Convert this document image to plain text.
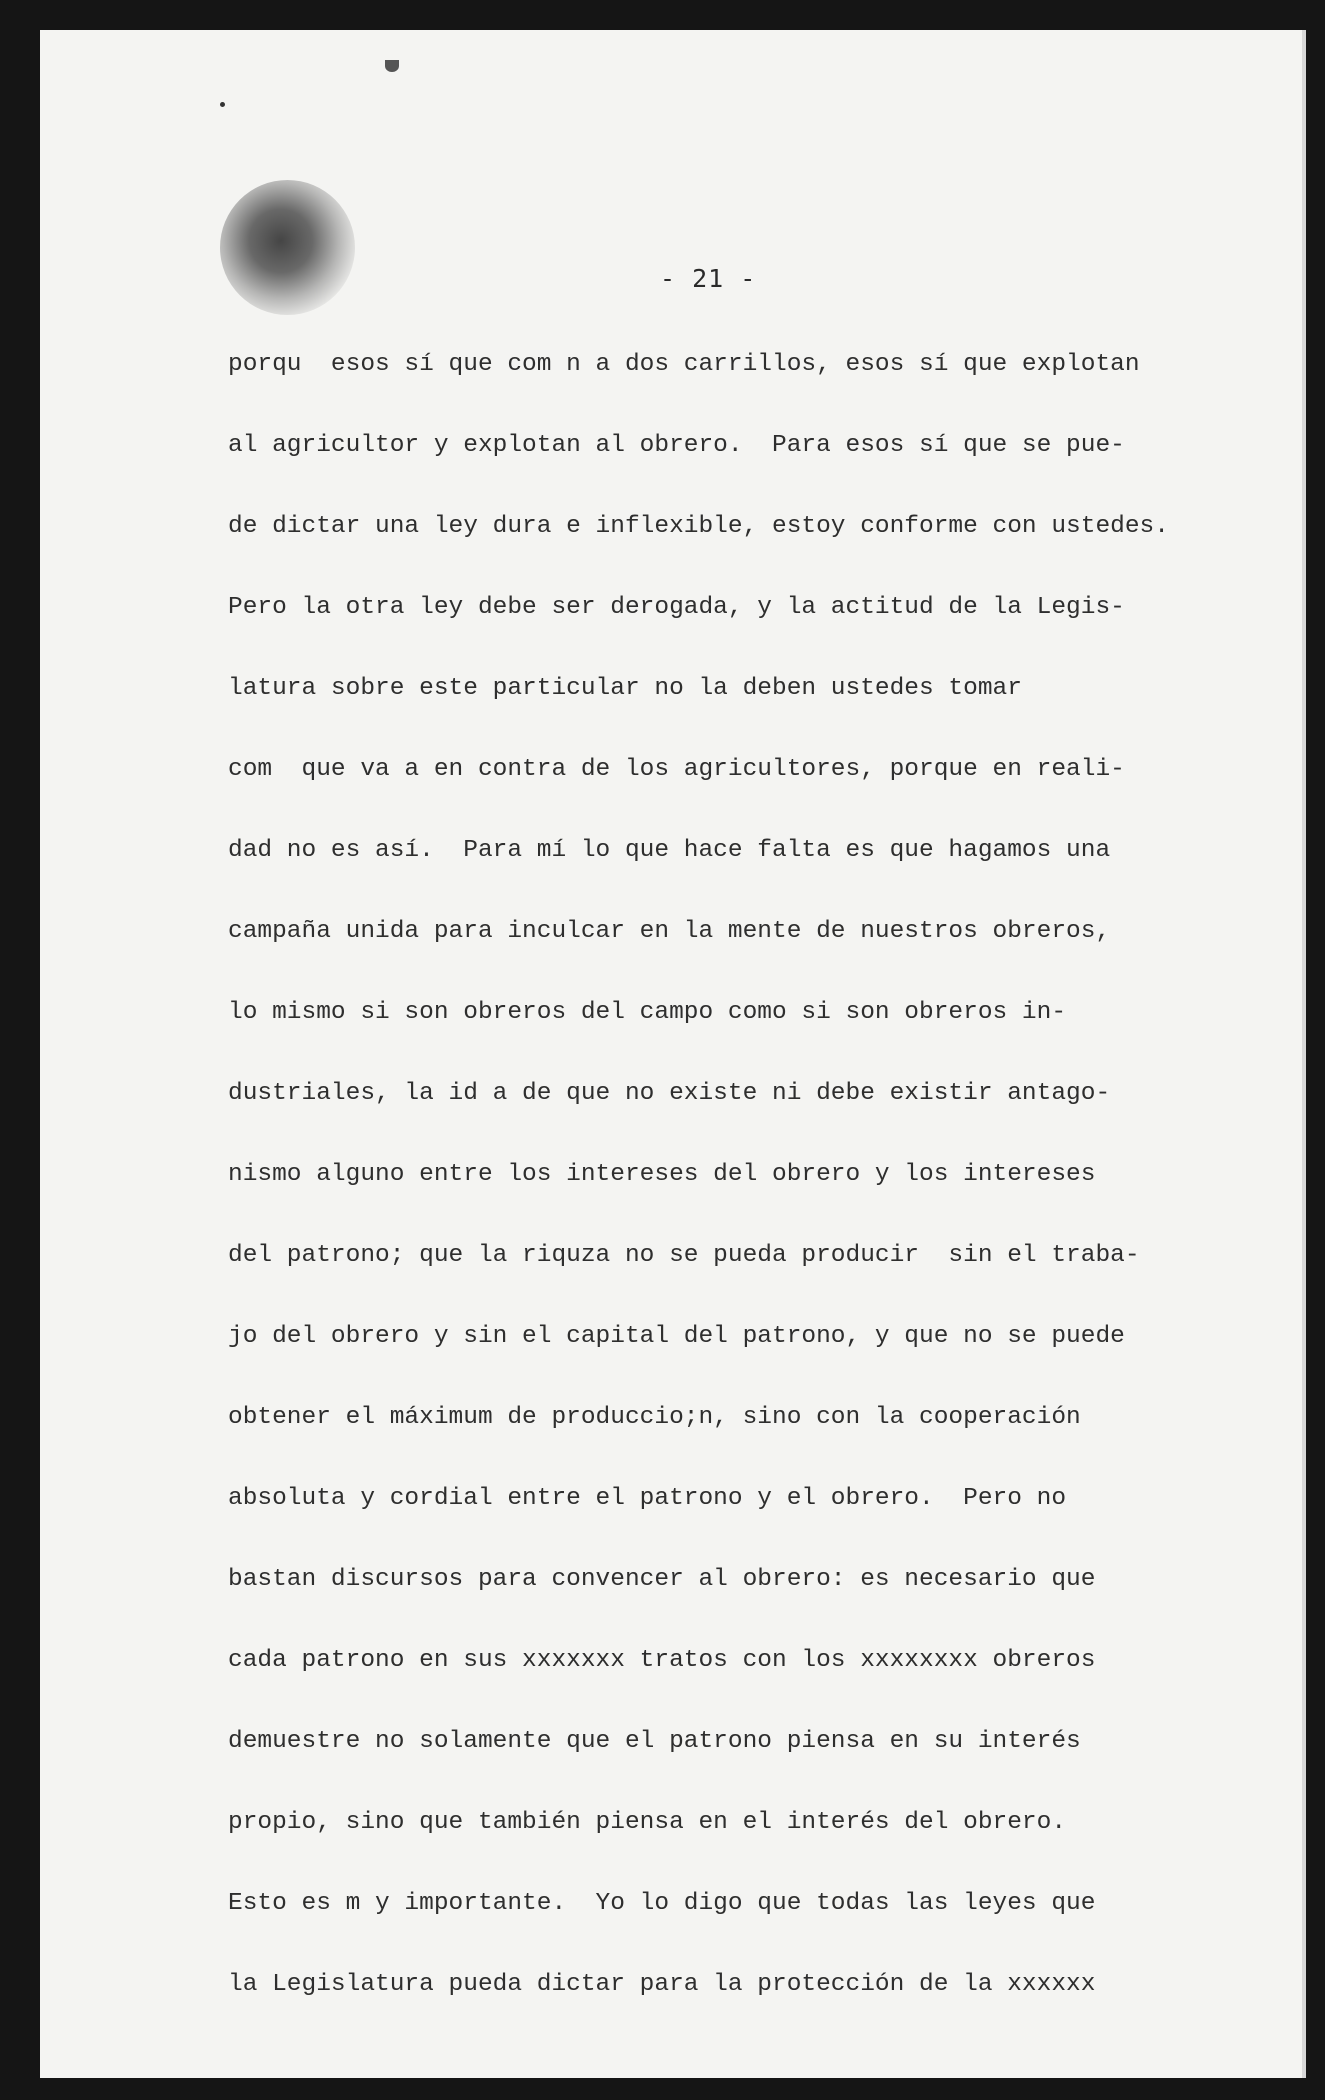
- 21 -
porqu  esos sí que com n a dos carrillos, esos sí que explotan
al agricultor y explotan al obrero.  Para esos sí que se pue-
de dictar una ley dura e inflexible, estoy conforme con ustedes.
Pero la otra ley debe ser derogada, y la actitud de la Legis-
latura sobre este particular no la deben ustedes tomar
com  que va a en contra de los agricultores, porque en reali-
dad no es así.  Para mí lo que hace falta es que hagamos una
campaña unida para inculcar en la mente de nuestros obreros,
lo mismo si son obreros del campo como si son obreros in-
dustriales, la id a de que no existe ni debe existir antago-
nismo alguno entre los intereses del obrero y los intereses
del patrono; que la riquza no se pueda producir  sin el traba-
jo del obrero y sin el capital del patrono, y que no se puede
obtener el máximum de produccio;n, sino con la cooperación
absoluta y cordial entre el patrono y el obrero.  Pero no
bastan discursos para convencer al obrero: es necesario que
cada patrono en sus xxxxxxx tratos con los xxxxxxxx obreros
demuestre no solamente que el patrono piensa en su interés
propio, sino que también piensa en el interés del obrero.
Esto es m y importante.  Yo lo digo que todas las leyes que
la Legislatura pueda dictar para la protección de la xxxxxx
